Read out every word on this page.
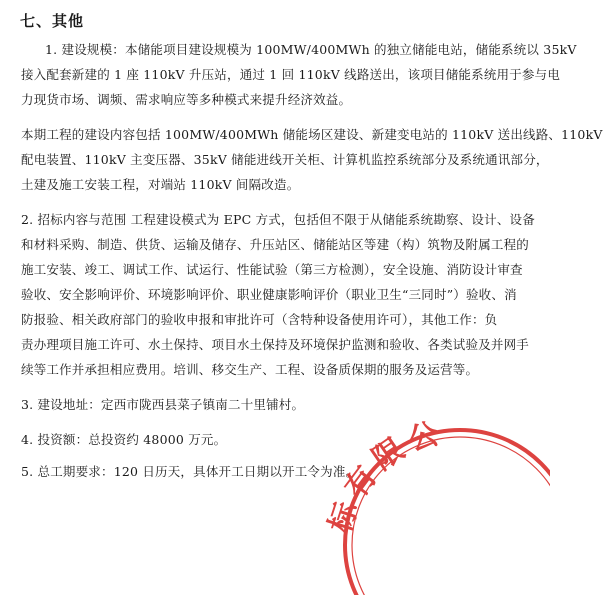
七、其他
1. 建设规模：本储能项目建设规模为 100MW/400MWh 的独立储能电站，储能系统以 35kV
接入配套新建的 1 座 110kV 升压站，通过 1 回 110kV 线路送出，该项目储能系统用于参与电
力现货市场、调频、需求响应等多种模式来提升经济效益。
本期工程的建设内容包括 100MW/400MWh 储能场区建设、新建变电站的 110kV 送出线路、110kV
配电装置、110kV 主变压器、35kV 储能进线开关柜、计算机监控系统部分及系统通讯部分，
土建及施工安装工程，对端站 110kV 间隔改造。
2. 招标内容与范围 工程建设模式为 EPC 方式，包括但不限于从储能系统勘察、设计、设备
和材料采购、制造、供货、运输及储存、升压站区、储能站区等建（构）筑物及附属工程的
施工安装、竣工、调试工作、试运行、性能试验（第三方检测），安全设施、消防设计审查
验收、安全影响评价、环境影响评价、职业健康影响评价（职业卫生“三同时”）验收、消
防报验、相关政府部门的验收申报和审批许可（含特种设备使用许可），其他工作：负
责办理项目施工许可、水土保持、项目水土保持及环境保护监测和验收、各类试验及并网手
续等工作并承担相应费用。培训、移交生产、工程、设备质保期的服务及运营等。
3. 建设地址：定西市陇西县菜子镇南二十里铺村。
4. 投资额：总投资约 48000 万元。
5. 总工期要求：120 日历天，具体开工日期以开工令为准。
标有限公
